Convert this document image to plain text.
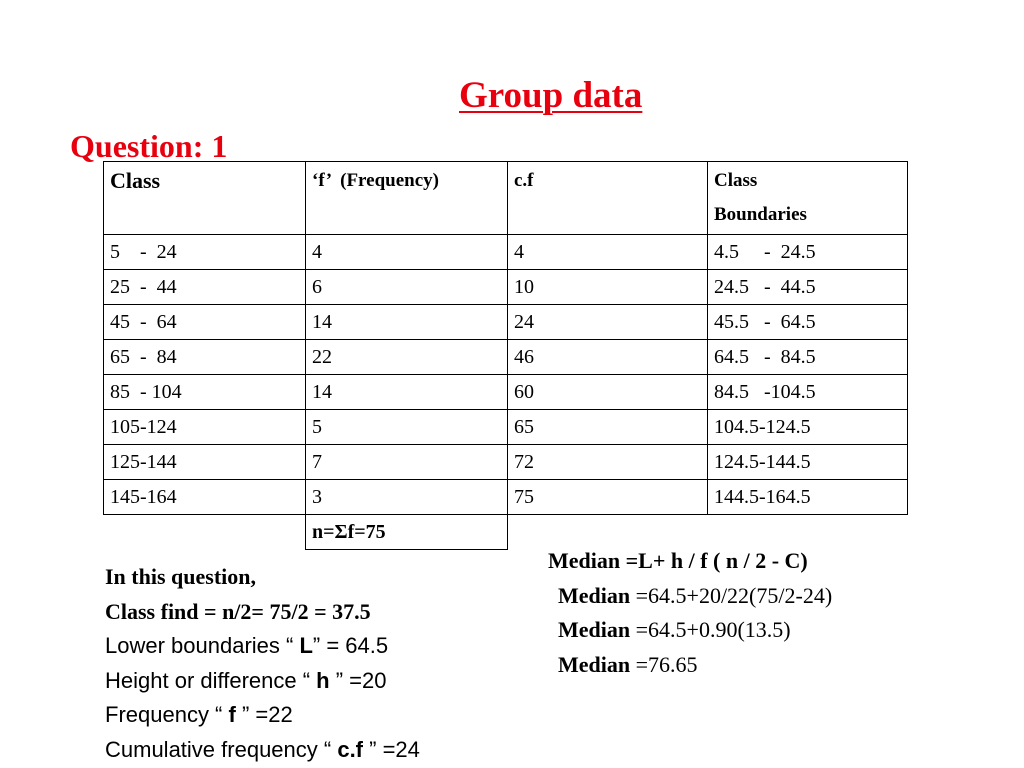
Group data
Question: 1
Class	‘f’  (Frequency)	c.f	Class
Boundaries
5    -  24	4	4	4.5     -  24.5
25  -  44	6	10	24.5   -  44.5
45  -  64	14	24	45.5   -  64.5
65  -  84	22	46	64.5   -  84.5
85  - 104	14	60	84.5   -104.5
105-124	5	65	104.5-124.5
125-144	7	72	124.5-144.5
145-164	3	75	144.5-164.5
	n=Σf=75		
In this question,
Class find = n/2= 75/2 = 37.5
Lower boundaries “ L” = 64.5
Height or difference “ h ” =20
Frequency “ f ” =22
Cumulative frequency “ c.f ” =24
Median =L+ h / f ( n / 2 - C)
Median =64.5+20/22(75/2-24)
Median =64.5+0.90(13.5)
Median =76.65
